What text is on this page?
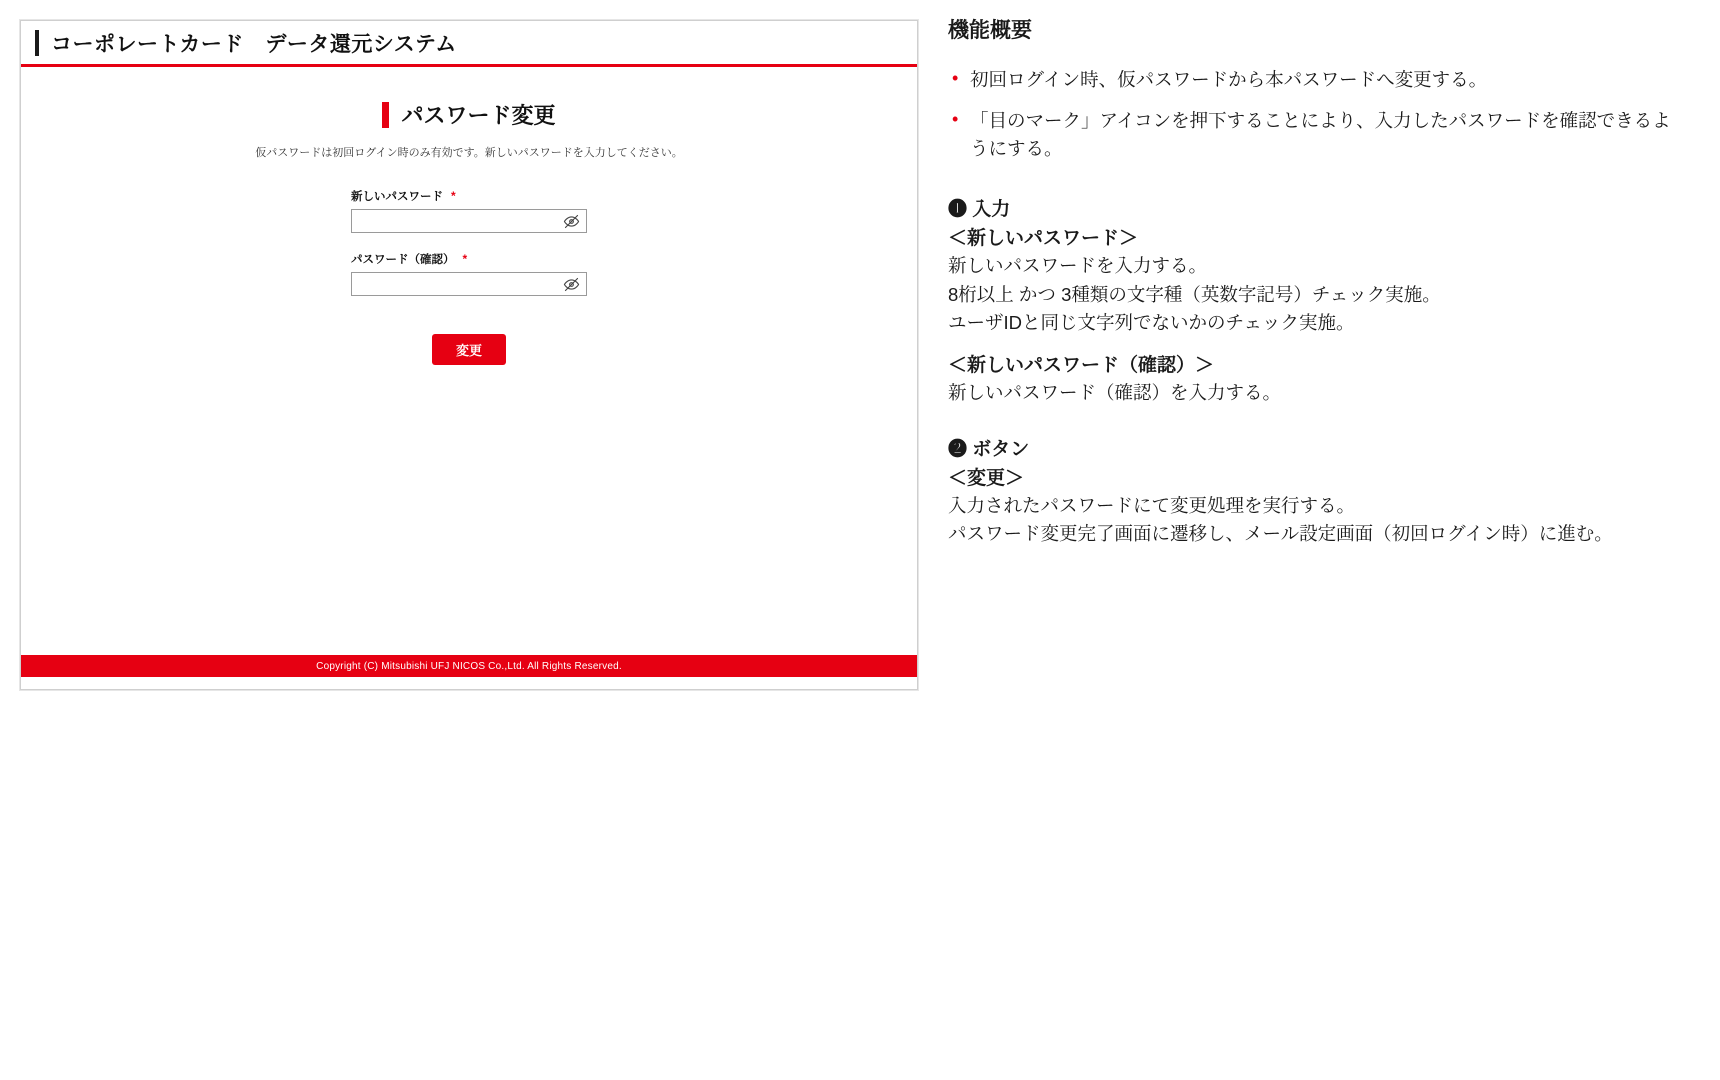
コーポレートカード　データ還元システム
パスワード変更
仮パスワードは初回ログイン時のみ有効です。新しいパスワードを入力してください。
新しいパスワード *
パスワード（確認） *
変更
Copyright (C) Mitsubishi UFJ NICOS Co.,Ltd. All Rights Reserved.
機能概要
• 初回ログイン時、仮パスワードから本パスワードへ変更する。
• 「目のマーク」アイコンを押下することにより、入力したパスワードを確認できるようにする。
❶ 入力
＜新しいパスワード＞
新しいパスワードを入力する。
8桁以上 かつ 3種類の文字種（英数字記号）チェック実施。
ユーザIDと同じ文字列でないかのチェック実施。
＜新しいパスワード（確認）＞
新しいパスワード（確認）を入力する。
❷ ボタン
＜変更＞
入力されたパスワードにて変更処理を実行する。
パスワード変更完了画面に遷移し、メール設定画面（初回ログイン時）に進む。
